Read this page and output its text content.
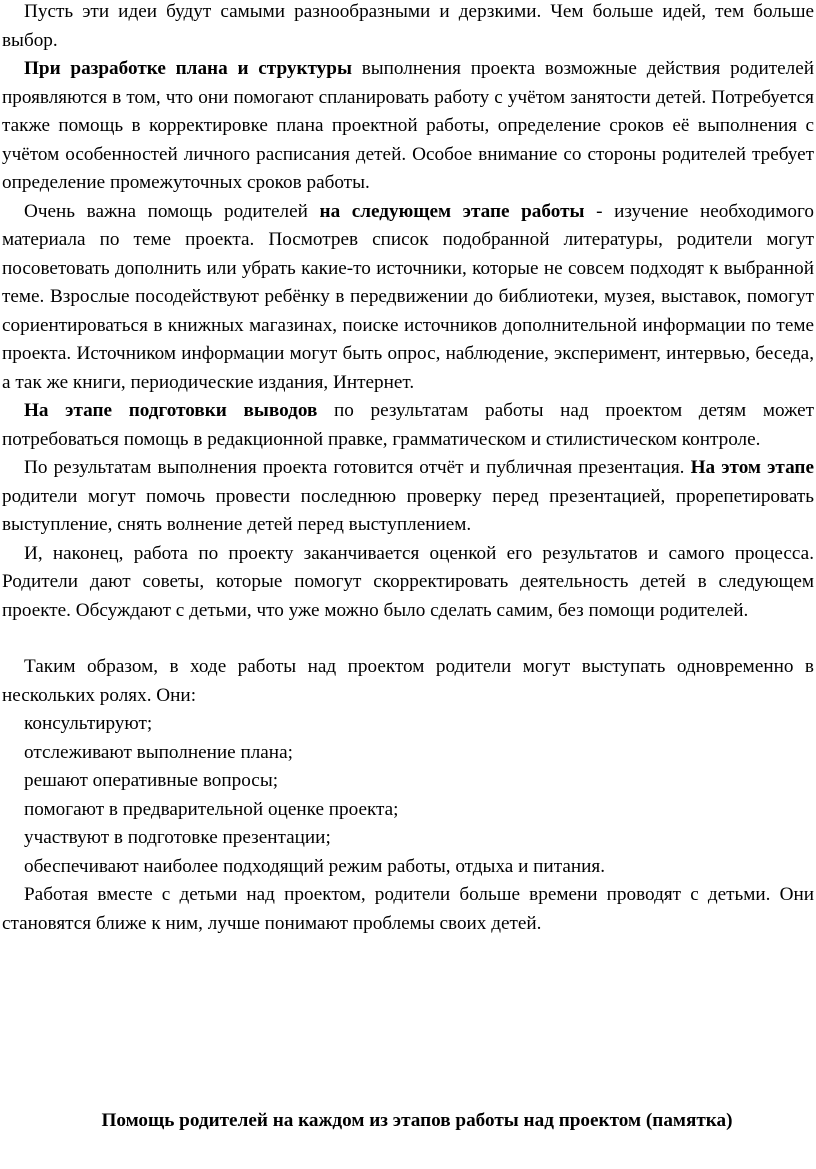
Пусть эти идеи будут самыми разнообразными и дерзкими. Чем больше идей, тем больше выбор.

При разработке плана и структуры выполнения проекта возможные действия родителей проявляются в том, что они помогают спланировать работу с учётом занятости детей. Потребуется также помощь в корректировке плана проектной работы, определение сроков её выполнения с учётом особенностей личного расписания детей. Особое внимание со стороны родителей требует определение промежуточных сроков работы.

Очень важна помощь родителей на следующем этапе работы - изучение необходимого материала по теме проекта. Посмотрев список подобранной литературы, родители могут посоветовать дополнить или убрать какие-то источники, которые не совсем подходят к выбранной теме. Взрослые посодействуют ребёнку в передвижении до библиотеки, музея, выставок, помогут сориентироваться в книжных магазинах, поиске источников дополнительной информации по теме проекта. Источником информации могут быть опрос, наблюдение, эксперимент, интервью, беседа, а так же книги, периодические издания, Интернет.

На этапе подготовки выводов по результатам работы над проектом детям может потребоваться помощь в редакционной правке, грамматическом и стилистическом контроле.

По результатам выполнения проекта готовится отчёт и публичная презентация. На этом этапе родители могут помочь провести последнюю проверку перед презентацией, прорепетировать выступление, снять волнение детей перед выступлением.

И, наконец, работа по проекту заканчивается оценкой его результатов и самого процесса. Родители дают советы, которые помогут скорректировать деятельность детей в следующем проекте. Обсуждают с детьми, что уже можно было сделать самим, без помощи родителей.

Таким образом, в ходе работы над проектом родители могут выступать одновременно в нескольких ролях. Они:

консультируют;
отслеживают выполнение плана;
решают оперативные вопросы;
помогают в предварительной оценке проекта;
участвуют в подготовке презентации;
обеспечивают наиболее подходящий режим работы, отдыха и питания.

Работая вместе с детьми над проектом, родители больше времени проводят с детьми. Они становятся ближе к ним, лучше понимают проблемы своих детей.

Помощь родителей на каждом из этапов работы над проектом (памятка)
